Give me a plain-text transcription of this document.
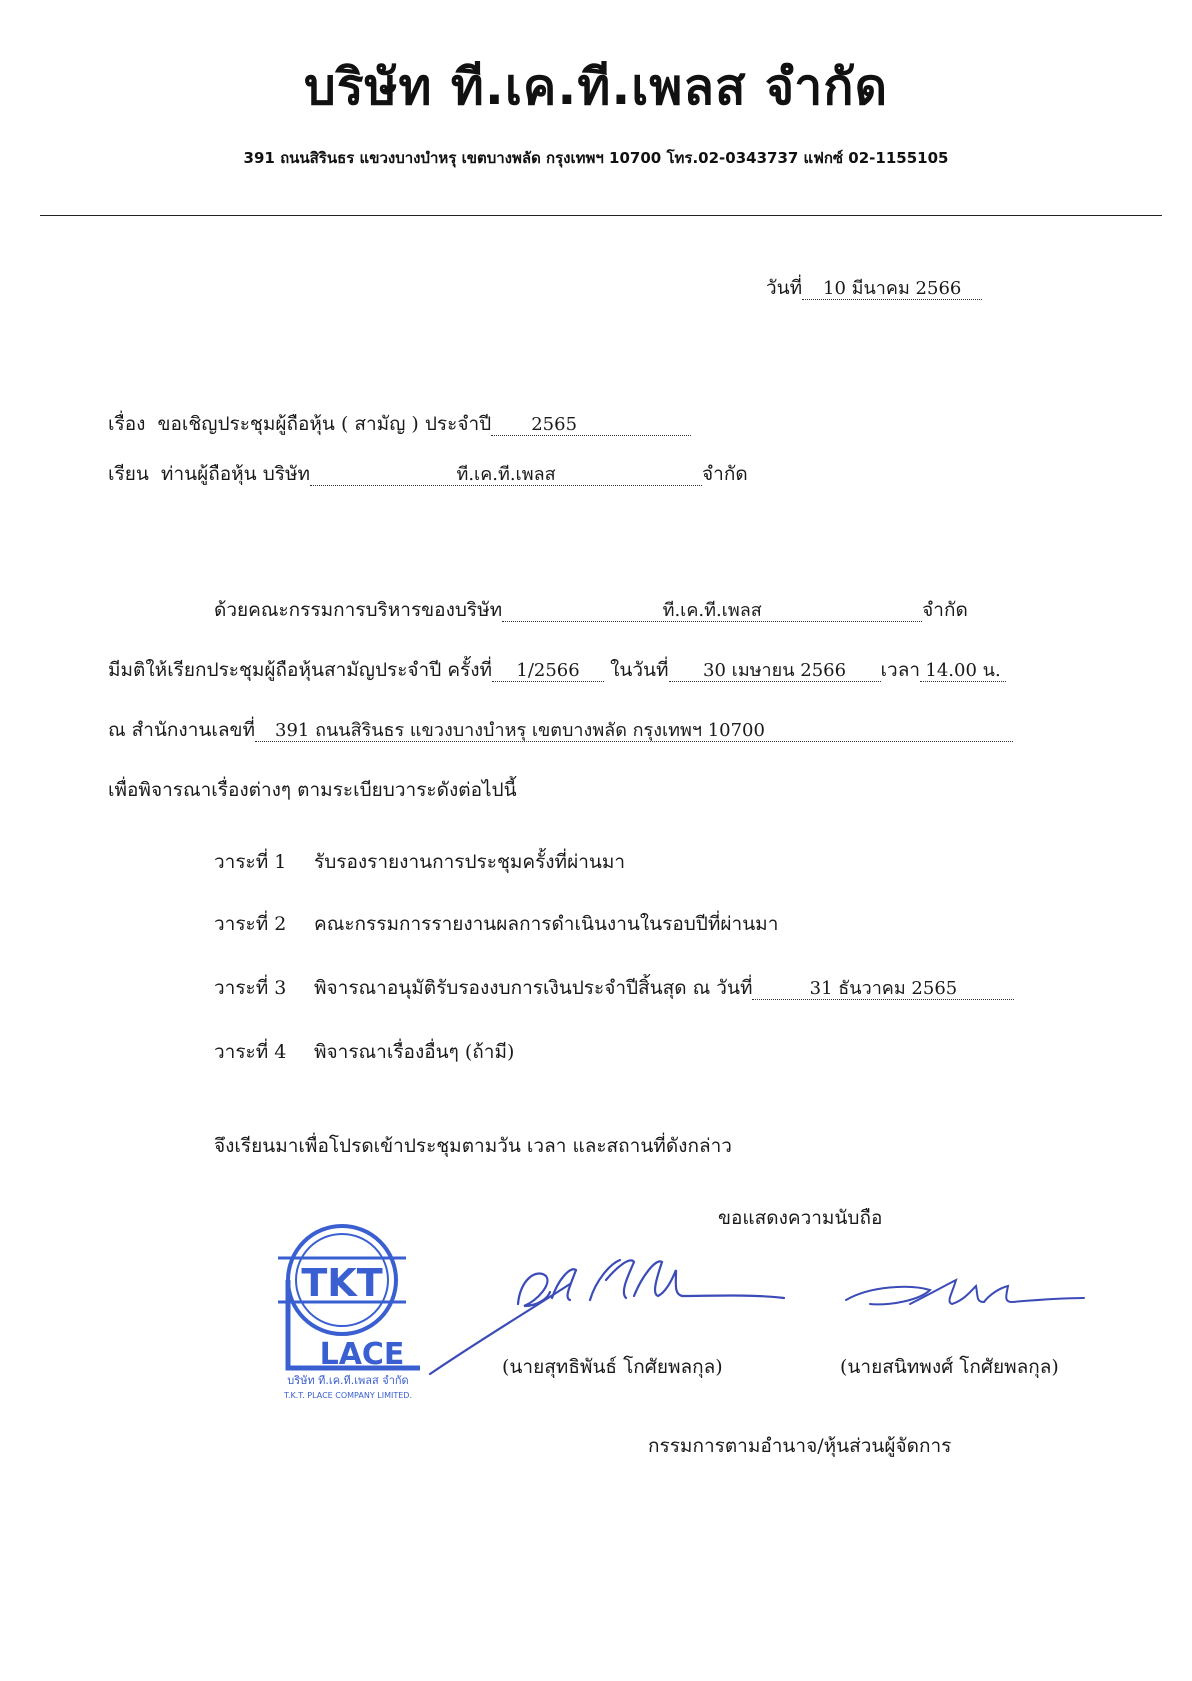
บริษัท ที.เค.ที.เพลส จำกัด
391 ถนนสิรินธร แขวงบางบำหรุ เขตบางพลัด กรุงเทพฯ 10700 โทร.02-0343737 แฟกซ์ 02-1155105
วันที่ 10 มีนาคม 2566
เรื่อง ขอเชิญประชุมผู้ถือหุ้น ( สามัญ ) ประจำปี 2565
เรียน ท่านผู้ถือหุ้น บริษัท	ที.เค.ที.เพลส	จำกัด
ด้วยคณะกรรมการบริหารของบริษัท	ที.เค.ที.เพลส	จำกัด
มีมติให้เรียกประชุมผู้ถือหุ้นสามัญประจำปี ครั้งที่ 1/2566 ในวันที่ 30 เมษายน 2566 เวลา 14.00 น.
ณ สำนักงานเลขที่ 391 ถนนสิรินธร แขวงบางบำหรุ เขตบางพลัด กรุงเทพฯ 10700
เพื่อพิจารณาเรื่องต่างๆ ตามระเบียบวาระดังต่อไปนี้
วาระที่ 1 รับรองรายงานการประชุมครั้งที่ผ่านมา
วาระที่ 2 คณะกรรมการรายงานผลการดำเนินงานในรอบปีที่ผ่านมา
วาระที่ 3 พิจารณาอนุมัติรับรองงบการเงินประจำปีสิ้นสุด ณ วันที่	31 ธันวาคม 2565
วาระที่ 4 พิจารณาเรื่องอื่นๆ (ถ้ามี)
จึงเรียนมาเพื่อโปรดเข้าประชุมตามวัน เวลา และสถานที่ดังกล่าว
ขอแสดงความนับถือ
TKT
LACE
บริษัท ที.เค.ที.เพลส จำกัด
T.K.T. PLACE COMPANY LIMITED.
(นายสุทธิพันธ์ โกศัยพลกุล)	(นายสนิทพงศ์ โกศัยพลกุล)
กรรมการตามอำนาจ/หุ้นส่วนผู้จัดการ
